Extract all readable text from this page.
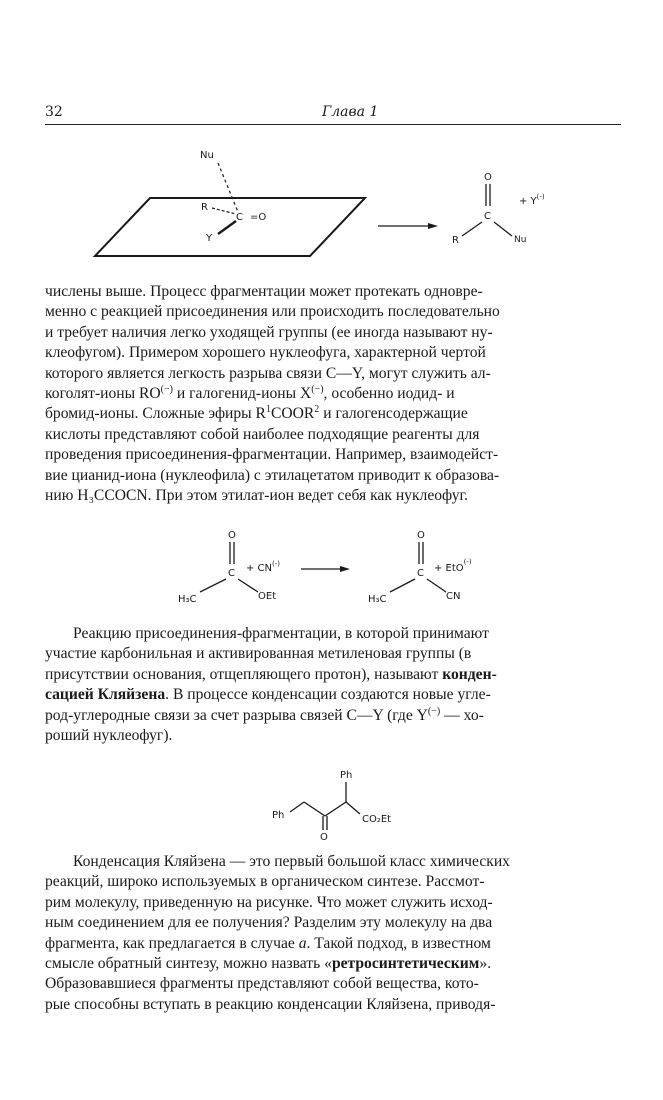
32	Глава 1
Nu
R
C =O
Y
O
C
R	Nu
+ Y(-)
числены выше. Процесс фрагментации может протекать одновре-
менно с реакцией присоединения или происходить последовательно
и требует наличия легко уходящей группы (ее иногда называют ну-
клеофугом). Примером хорошего нуклеофуга, характерной чертой
которого является легкость разрыва связи C—Y, могут служить ал-
коголят-ионы RO(−) и галогенид-ионы X(−), особенно иодид- и
бромид-ионы. Сложные эфиры $R^1COOR^2$ и галогенсодержащие
кислоты представляют собой наиболее подходящие реагенты для
проведения присоединения-фрагментации. Например, взаимодейст-
вие цианид-иона (нуклеофила) с этилацетатом приводит к образова-
нию H₃CCOCN. При этом этилат-ион ведет себя как нуклеофуг.
O
C
H₃C	OEt
+ CN(-)
O
C
H₃C	CN
+ EtO(-)
Реакцию присоединения-фрагментации, в которой принимают
участие карбонильная и активированная метиленовая группы (в
присутствии основания, отщепляющего протон), называют конден-
сацией Кляйзена. В процессе конденсации создаются новые угле-
род-углеродные связи за счет разрыва связей C—Y (где Y(−) — хо-
роший нуклеофуг).
Ph
Ph
O
CO₂Et
Конденсация Кляйзена — это первый большой класс химических
реакций, широко используемых в органическом синтезе. Рассмот-
рим молекулу, приведенную на рисунке. Что может служить исход-
ным соединением для ее получения? Разделим эту молекулу на два
фрагмента, как предлагается в случае a. Такой подход, в известном
смысле обратный синтезу, можно назвать «ретросинтетическим».
Образовавшиеся фрагменты представляют собой вещества, кото-
рые способны вступать в реакцию конденсации Кляйзена, приводя-
